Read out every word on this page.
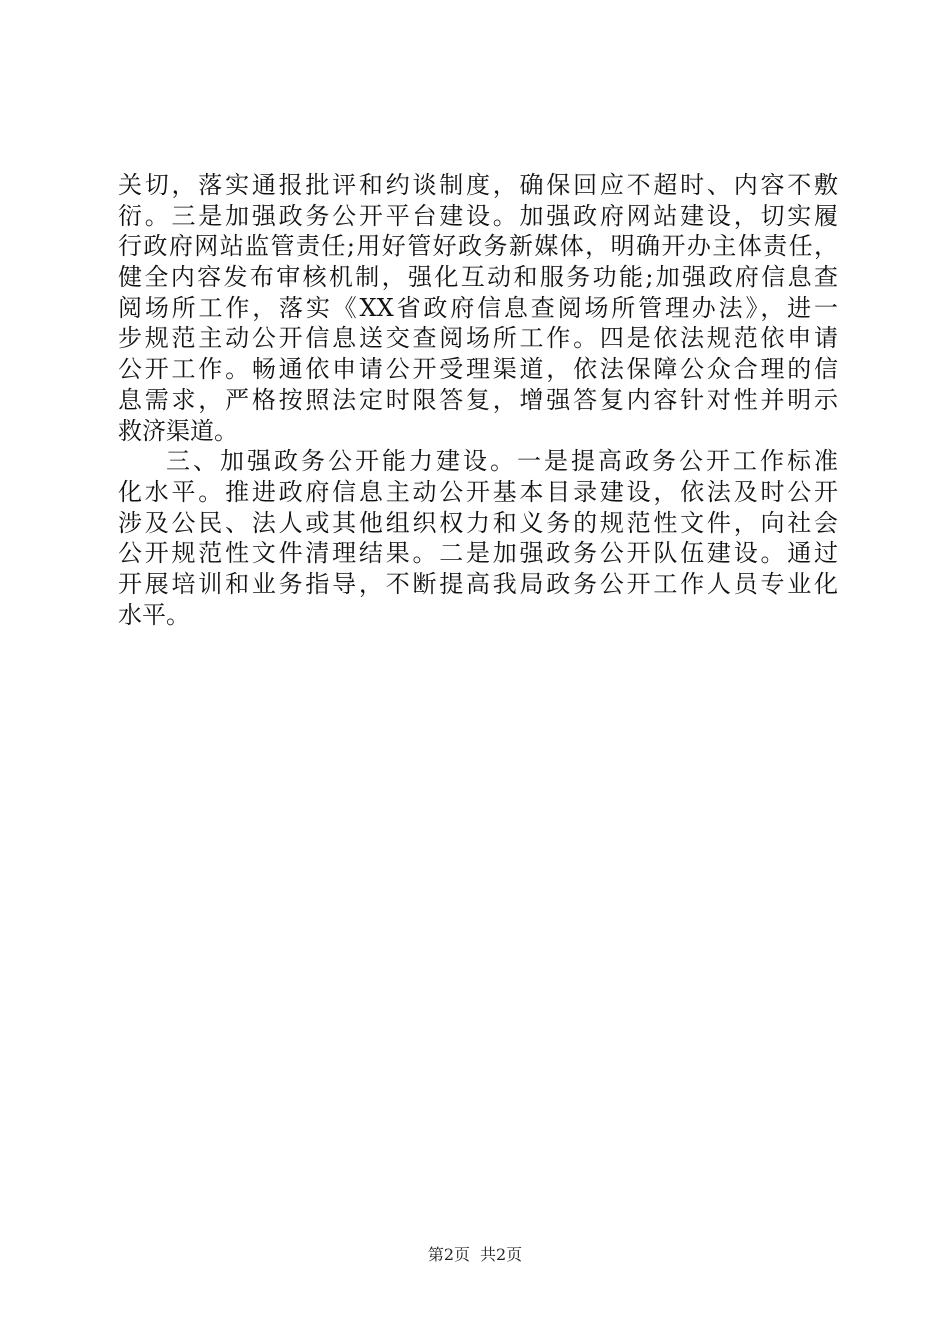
关切，落实通报批评和约谈制度，确保回应不超时、内容不敷
衍。三是加强政务公开平台建设。加强政府网站建设，切实履
行政府网站监管责任;用好管好政务新媒体，明确开办主体责任，
健全内容发布审核机制，强化互动和服务功能;加强政府信息查
阅场所工作，落实《XX省政府信息查阅场所管理办法》，进一
步规范主动公开信息送交查阅场所工作。四是依法规范依申请
公开工作。畅通依申请公开受理渠道，依法保障公众合理的信
息需求，严格按照法定时限答复，增强答复内容针对性并明示
救济渠道。
三、加强政务公开能力建设。一是提高政务公开工作标准
化水平。推进政府信息主动公开基本目录建设，依法及时公开
涉及公民、法人或其他组织权力和义务的规范性文件，向社会
公开规范性文件清理结果。二是加强政务公开队伍建设。通过
开展培训和业务指导，不断提高我局政务公开工作人员专业化
水平。
第2页 共2页
